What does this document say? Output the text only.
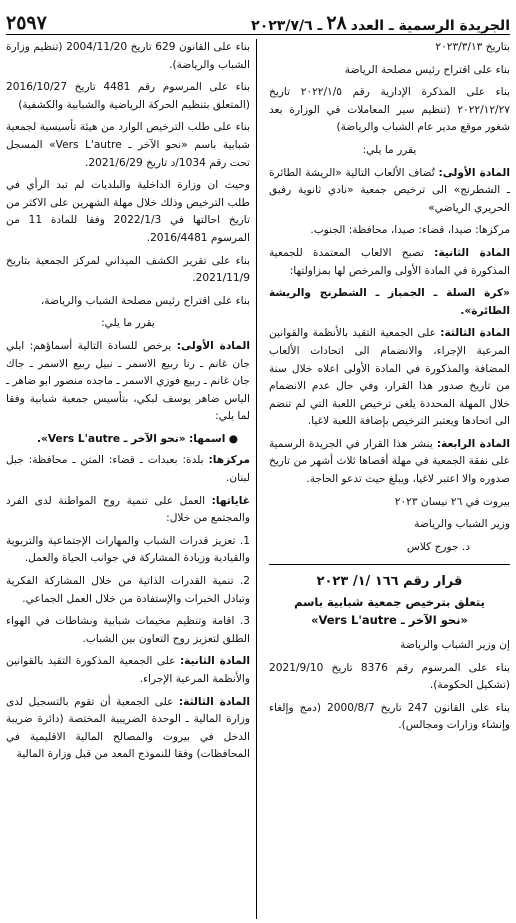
الجريدة الرسمية ـ العدد
٢٨
ـ ٢٠٢٣/٧/٦
٢٥٩٧

بتاريخ ٢٠٢٣/٣/١٣

بناء على اقتراح رئيس مصلحة الرياضة

بناء على المذكرة الإدارية رقم ٢٠٢٢/١/٥ تاريخ ٢٠٢٢/١٢/٢٧ (تنظيم سير المعاملات في الوزارة بعد شغور موقع مدير عام الشباب والرياضة)

يقرر ما يلي:

المادة الأولى: تُضاف الألعاب التالية «الريشة الطائرة ـ الشطرنج» الى ترخيص جمعية «نادي ثانوية رفيق الحريري الرياضي»

مركزها: صيدا، قضاء: صيدا، محافظة: الجنوب.

المادة الثانية: تصبح الالعاب المعتمدة للجمعية المذكورة في المادة الأولى والمرخص لها بمزاولتها:

«كرة السلة ـ الجمباز ـ الشطرنج والريشة الطائرة».

المادة الثالثة: على الجمعية التقيد بالأنظمة والقوانين المرعية الإجراء، والانضمام الى اتحادات الألعاب المضافة والمذكورة في المادة الأولى اعلاه خلال سنة من تاريخ صدور هذا القرار، وفي حال عدم الانضمام خلال المهلة المحددة يلغى ترخيص اللعبة التي لم تنضم الى اتحادها ويعتبر الترخيص بإضافة اللعبة لاغيا.

المادة الرابعة: ينشر هذا القرار في الجريدة الرسمية على نفقة الجمعية في مهلة أقصاها ثلاث أشهر من تاريخ صدوره والا اعتبر لاغيا، ويبلغ حيث تدعو الحاجة.

بيروت في ٢٦ نيسان ٢٠٢٣

وزير الشباب والرياضة

د. جورج كلاس

قرار رقم ١٦٦ /١/ ٢٠٢٣
يتعلق بترخيص جمعية شبابية باسم
«نحو الآخر ـ Vers L'autre»

إن وزير الشباب والرياضة

بناء على المرسوم رقم 8376 تاريخ 2021/9/10 (تشكيل الحكومة).

بناء على القانون 247 تاريخ 2000/8/7 (دمج وإلغاء وإنشاء وزارات ومجالس).

بناء على القانون 629 تاريخ 2004/11/20 (تنظيم وزارة الشباب والرياضة).

بناء على المرسوم رقم 4481 تاريخ 2016/10/27 (المتعلق بتنظيم الحركة الرياضية والشبابية والكشفية)

بناء على طلب الترخيص الوارد من هيئة تأسيسية لجمعية شبابية باسم «نحو الآخر ـ Vers L'autre» المسجل تحت رقم 1034/د تاريخ 2021/6/29.

وحيث ان وزارة الداخلية والبلديات لم تبد الرأي في طلب الترخيص وذلك خلال مهلة الشهرين على الاكثر من تاريخ احالتها في 2022/1/3 وفقا للمادة 11 من المرسوم 2016/4481.

بناء على تقرير الكشف الميداني لمركز الجمعية بتاريخ 2021/11/9.

بناء على اقتراح رئيس مصلحة الشباب والرياضة،

يقرر ما يلي:

المادة الأولى: يرخص للسادة التالية أسماؤهم: ايلي جان غانم ـ رنا ربيع الاسمر ـ نبيل ربيع الاسمر ـ جاك جان غانم ـ ربيع فوزي الاسمر ـ ماجده منصور ابو ضاهر ـ الياس ضاهر يوسف لبكي، بتأسيس جمعية شبابية وفقا لما يلي:

● اسمها: «نحو الآخر ـ Vers L'autre».

مركزها: بلدة: بعبدات ـ قضاء: المتن ـ محافظة: جبل لبنان.

غاياتها: العمل على تنمية روح المواطنة لدى الفرد والمجتمع من خلال:

1. تعزيز قدرات الشباب والمهارات الإجتماعية والتربوية والقيادية وزيادة المشاركة في جوانب الحياة والعمل.

2. تنمية القدرات الذاتية من خلال المشاركة الفكرية وتبادل الخبرات والإستفادة من خلال العمل الجماعي.

3. اقامة وتنظيم مخيمات شبابية ونشاطات في الهواء الطلق لتعزيز روح التعاون بين الشباب.

المادة الثانية: على الجمعية المذكورة التقيد بالقوانين والأنظمة المرعية الإجراء.

المادة الثالثة: على الجمعية أن تقوم بالتسجيل لدى وزارة المالية ـ الوحدة الضريبية المختصة (دائرة ضريبة الدخل في بيروت والمصالح المالية الاقليمية في المحافظات) وفقا للنموذج المعد من قبل وزارة المالية
